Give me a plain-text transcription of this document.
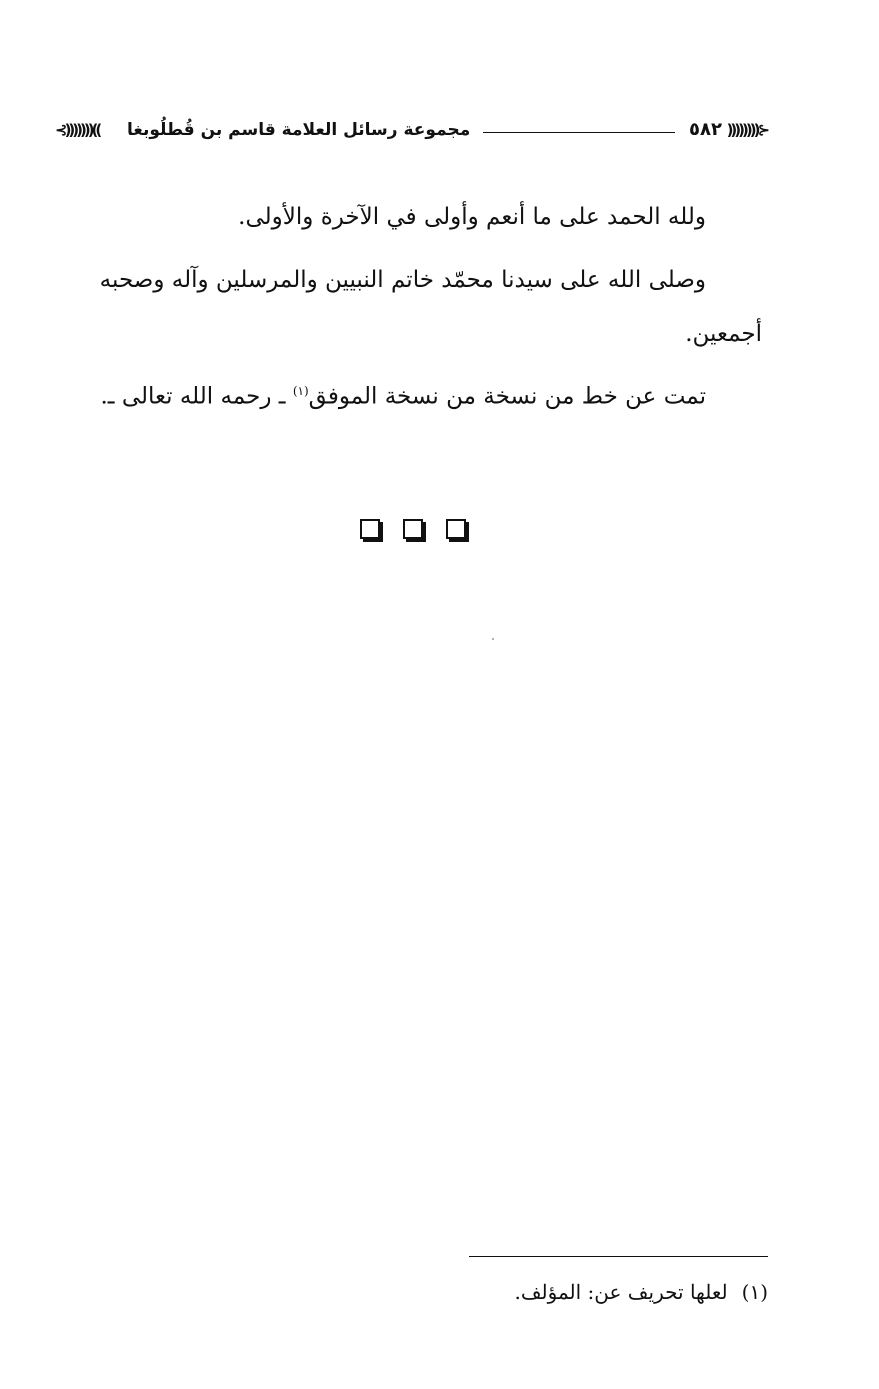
⊰)))))))(( مجموعة رسائل العلامة قاسم بن قُطلُوبغا	٥٨٢ ))))))))⊱

ولله الحمد على ما أنعم وأولى في الآخرة والأولى.

وصلى الله على سيدنا محمّد خاتم النبيين والمرسلين وآله وصحبه

أجمعين.

تمت عن خط من نسخة من نسخة الموفق$^{(١)}$ ـ رحمه الله تعالى ـ.

(١)لعلها تحريف عن: المؤلف.
